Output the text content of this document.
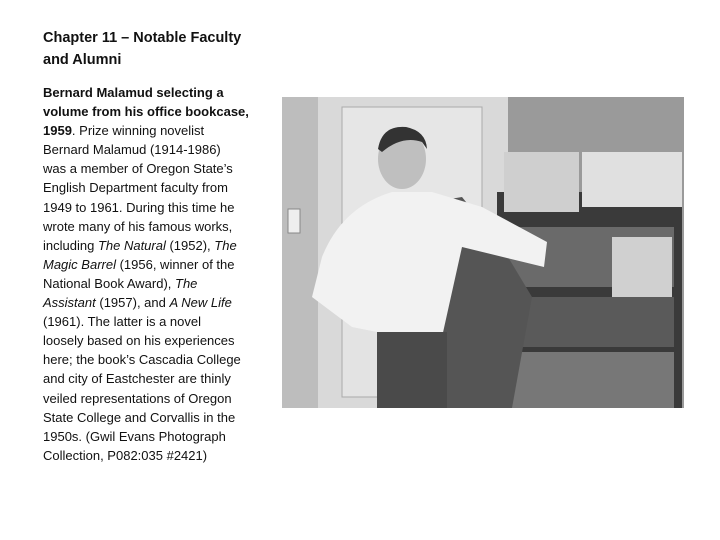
Chapter 11 – Notable Faculty
and Alumni
Bernard Malamud selecting a
volume from his office bookcase,
1959. Prize winning novelist
Bernard Malamud (1914-1986)
was a member of Oregon State’s
English Department faculty from
1949 to 1961. During this time he
wrote many of his famous works,
including The Natural (1952), The
Magic Barrel (1956, winner of the
National Book Award), The
Assistant (1957), and A New Life
(1961). The latter is a novel
loosely based on his experiences
here; the book’s Cascadia College
and city of Eastchester are thinly
veiled representations of Oregon
State College and Corvallis in the
1950s. (Gwil Evans Photograph
Collection, P082:035 #2421)
